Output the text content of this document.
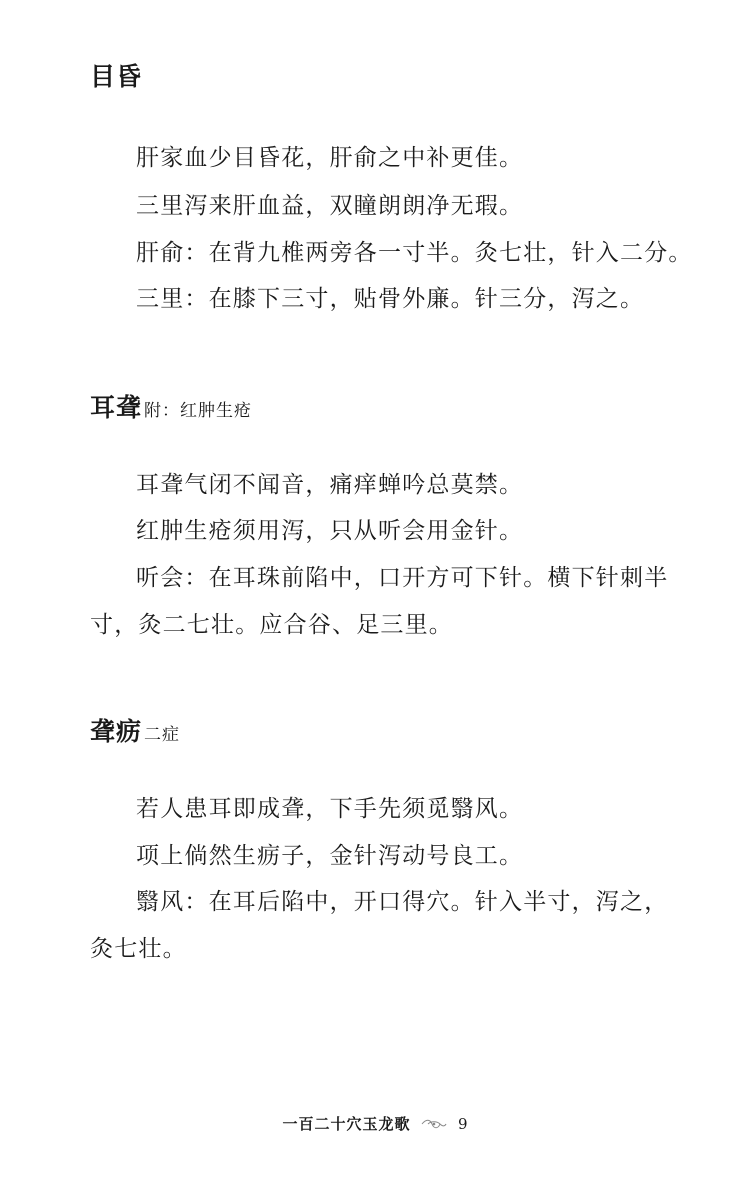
目昏

肝家血少目昏花，肝俞之中补更佳。

三里泻来肝血益，双瞳朗朗净无瑕。

肝俞：在背九椎两旁各一寸半。灸七壮，针入二分。

三里：在膝下三寸，贴骨外廉。针三分，泻之。

耳聋 附：红肿生疮

耳聋气闭不闻音，痛痒蝉吟总莫禁。

红肿生疮须用泻，只从听会用金针。

听会：在耳珠前陷中，口开方可下针。横下针刺半

寸，灸二七壮。应合谷、足三里。

聋疬 二症

若人患耳即成聋，下手先须觅翳风。

项上倘然生疬子，金针泻动号良工。

翳风：在耳后陷中，开口得穴。针入半寸，泻之，

灸七壮。

一百二十穴玉龙歌	9
